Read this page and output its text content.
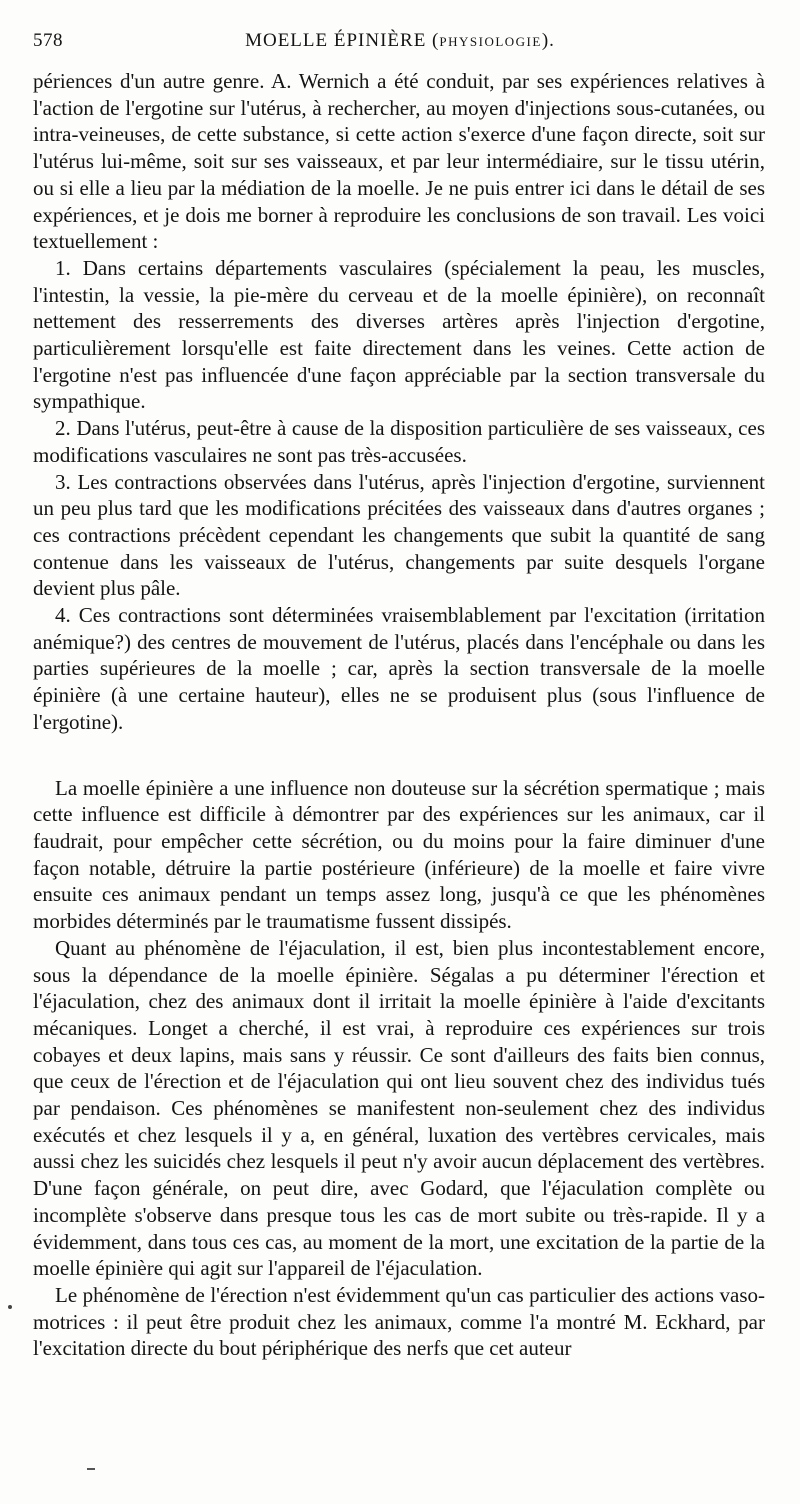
578	MOELLE ÉPINIÈRE (PHYSIOLOGIE).

périences d'un autre genre. A. Wernich a été conduit, par ses expériences relatives à l'action de l'ergotine sur l'utérus, à rechercher, au moyen d'injections sous-cutanées, ou intra-veineuses, de cette substance, si cette action s'exerce d'une façon directe, soit sur l'utérus lui-même, soit sur ses vaisseaux, et par leur intermédiaire, sur le tissu utérin, ou si elle a lieu par la médiation de la moelle. Je ne puis entrer ici dans le détail de ses expériences, et je dois me borner à reproduire les conclusions de son travail. Les voici textuellement :

1. Dans certains départements vasculaires (spécialement la peau, les muscles, l'intestin, la vessie, la pie-mère du cerveau et de la moelle épinière), on reconnaît nettement des resserrements des diverses artères après l'injection d'ergotine, particulièrement lorsqu'elle est faite directement dans les veines. Cette action de l'ergotine n'est pas influencée d'une façon appréciable par la section transversale du sympathique.

2. Dans l'utérus, peut-être à cause de la disposition particulière de ses vaisseaux, ces modifications vasculaires ne sont pas très-accusées.

3. Les contractions observées dans l'utérus, après l'injection d'ergotine, surviennent un peu plus tard que les modifications précitées des vaisseaux dans d'autres organes ; ces contractions précèdent cependant les changements que subit la quantité de sang contenue dans les vaisseaux de l'utérus, changements par suite desquels l'organe devient plus pâle.

4. Ces contractions sont déterminées vraisemblablement par l'excitation (irritation anémique?) des centres de mouvement de l'utérus, placés dans l'encéphale ou dans les parties supérieures de la moelle ; car, après la section transversale de la moelle épinière (à une certaine hauteur), elles ne se produisent plus (sous l'influence de l'ergotine).

La moelle épinière a une influence non douteuse sur la sécrétion spermatique ; mais cette influence est difficile à démontrer par des expériences sur les animaux, car il faudrait, pour empêcher cette sécrétion, ou du moins pour la faire diminuer d'une façon notable, détruire la partie postérieure (inférieure) de la moelle et faire vivre ensuite ces animaux pendant un temps assez long, jusqu'à ce que les phénomènes morbides déterminés par le traumatisme fussent dissipés.

Quant au phénomène de l'éjaculation, il est, bien plus incontestablement encore, sous la dépendance de la moelle épinière. Ségalas a pu déterminer l'érection et l'éjaculation, chez des animaux dont il irritait la moelle épinière à l'aide d'excitants mécaniques. Longet a cherché, il est vrai, à reproduire ces expériences sur trois cobayes et deux lapins, mais sans y réussir. Ce sont d'ailleurs des faits bien connus, que ceux de l'érection et de l'éjaculation qui ont lieu souvent chez des individus tués par pendaison. Ces phénomènes se manifestent non-seulement chez des individus exécutés et chez lesquels il y a, en général, luxation des vertèbres cervicales, mais aussi chez les suicidés chez lesquels il peut n'y avoir aucun déplacement des vertèbres. D'une façon générale, on peut dire, avec Godard, que l'éjaculation complète ou incomplète s'observe dans presque tous les cas de mort subite ou très-rapide. Il y a évidemment, dans tous ces cas, au moment de la mort, une excitation de la partie de la moelle épinière qui agit sur l'appareil de l'éjaculation.

Le phénomène de l'érection n'est évidemment qu'un cas particulier des actions vaso-motrices : il peut être produit chez les animaux, comme l'a montré M. Eckhard, par l'excitation directe du bout périphérique des nerfs que cet auteur
